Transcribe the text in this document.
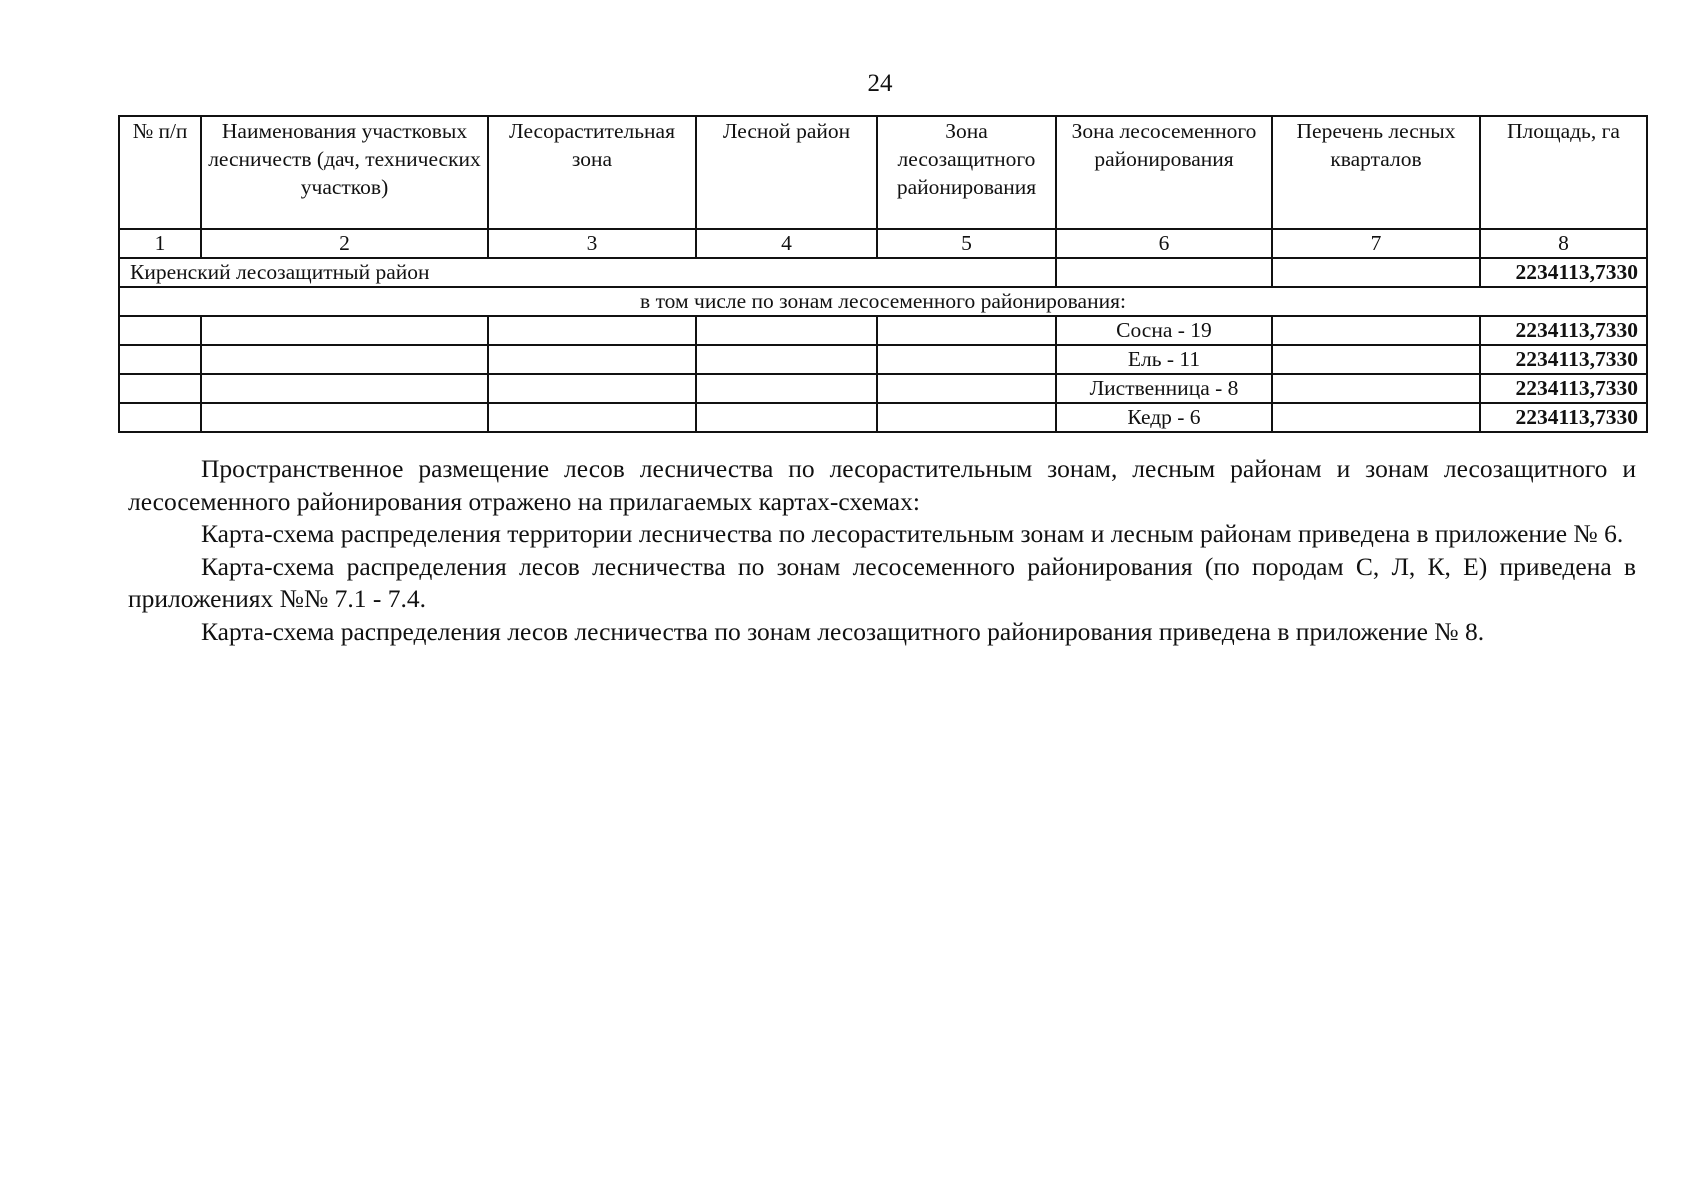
24
№ п/п	Наименования участковых лесничеств (дач, технических участков)	Лесорастительная зона	Лесной район	Зона лесозащитного районирования	Зона лесосеменного районирования	Перечень лесных кварталов	Площадь, га
1	2	3	4	5	6	7	8
Киренский лесозащитный район							2234113,7330
в том числе по зонам лесосеменного районирования:							
					Сосна - 19		2234113,7330
					Ель - 11		2234113,7330
					Лиственница - 8		2234113,7330
					Кедр - 6		2234113,7330

Пространственное размещение лесов лесничества по лесорастительным зонам, лесным районам и зонам лесозащитного и лесосеменного районирования отражено на прилагаемых картах-схемах:

Карта-схема распределения территории лесничества по лесорастительным зонам и лесным районам приведена в приложение № 6.

Карта-схема распределения лесов лесничества по зонам лесосеменного районирования (по породам С, Л, К, Е) приведена в приложениях №№ 7.1 - 7.4.

Карта-схема распределения лесов лесничества по зонам лесозащитного районирования приведена в приложение № 8.
